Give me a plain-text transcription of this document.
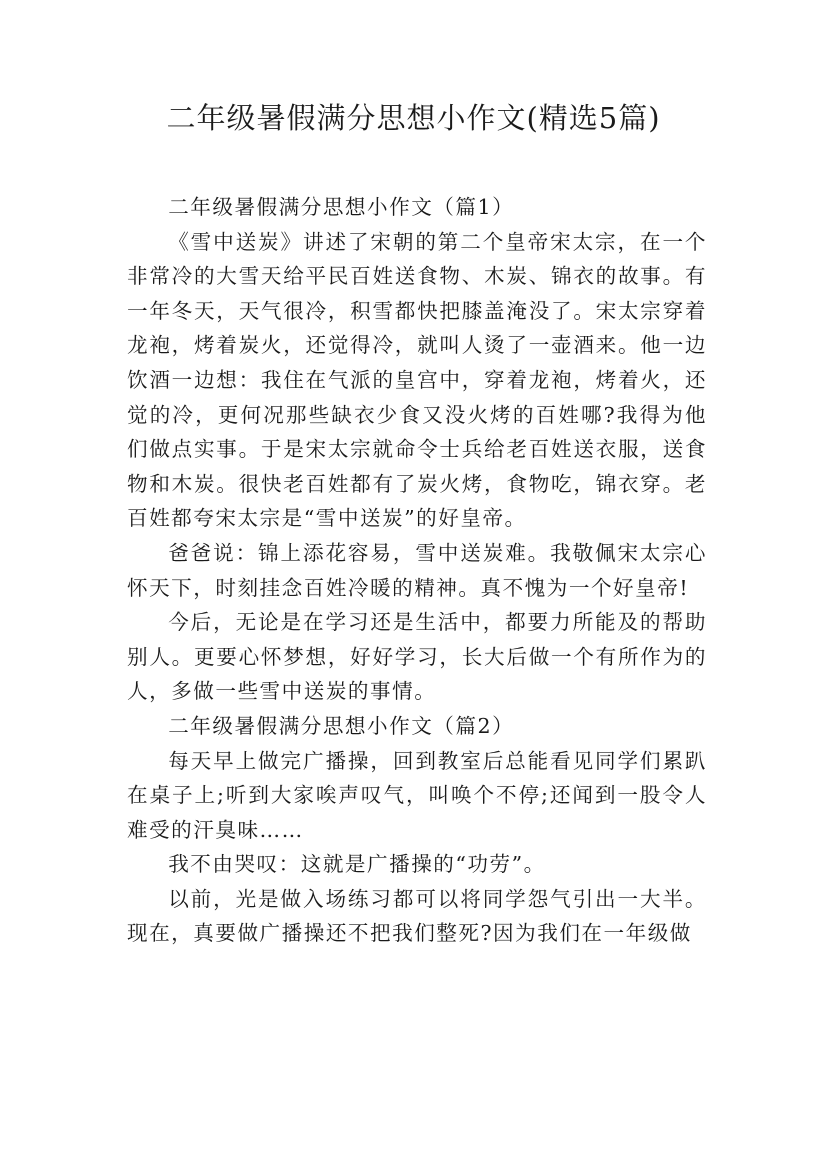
二年级暑假满分思想小作文(精选5篇)

二年级暑假满分思想小作文（篇1）

《雪中送炭》讲述了宋朝的第二个皇帝宋太宗，在一个非常冷的大雪天给平民百姓送食物、木炭、锦衣的故事。有一年冬天，天气很冷，积雪都快把膝盖淹没了。宋太宗穿着龙袍，烤着炭火，还觉得冷，就叫人烫了一壶酒来。他一边饮酒一边想：我住在气派的皇宫中，穿着龙袍，烤着火，还觉的冷，更何况那些缺衣少食又没火烤的百姓哪?我得为他们做点实事。于是宋太宗就命令士兵给老百姓送衣服，送食物和木炭。很快老百姓都有了炭火烤，食物吃，锦衣穿。老百姓都夸宋太宗是“雪中送炭”的好皇帝。

爸爸说：锦上添花容易，雪中送炭难。我敬佩宋太宗心怀天下，时刻挂念百姓冷暖的精神。真不愧为一个好皇帝!

今后，无论是在学习还是生活中，都要力所能及的帮助别人。更要心怀梦想，好好学习，长大后做一个有所作为的人，多做一些雪中送炭的事情。

二年级暑假满分思想小作文（篇2）

每天早上做完广播操，回到教室后总能看见同学们累趴在桌子上;听到大家唉声叹气，叫唤个不停;还闻到一股令人难受的汗臭味……

我不由哭叹：这就是广播操的“功劳”。

以前，光是做入场练习都可以将同学怨气引出一大半。现在，真要做广播操还不把我们整死?因为我们在一年级做
